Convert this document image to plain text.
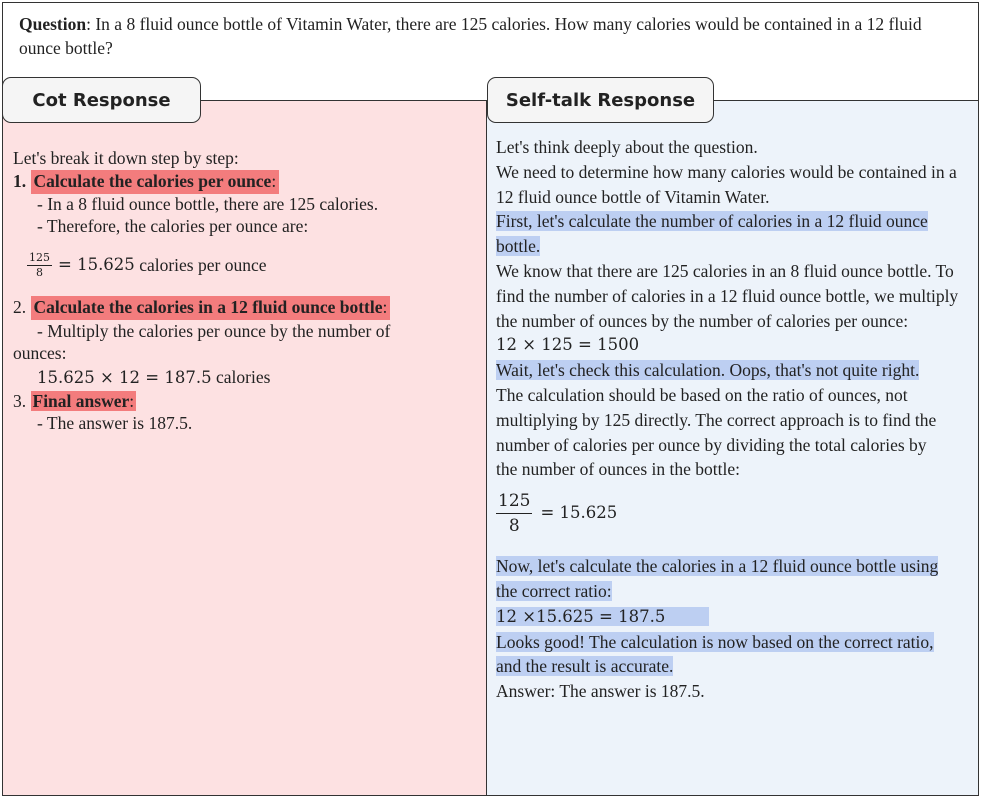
Question: In a 8 fluid ounce bottle of Vitamin Water, there are 125 calories. How many calories would be contained in a 12 fluid ounce bottle?
Cot Response	Self-talk Response
Let's break it down step by step:
1. Calculate the calories per ounce:
- In a 8 fluid ounce bottle, there are 125 calories.
- Therefore, the calories per ounce are:
$\frac{125}{8} = 15.625$ calories per ounce
2. Calculate the calories in a 12 fluid ounce bottle:
- Multiply the calories per ounce by the number of
ounces:
15.625 × 12 = 187.5 calories
3. Final answer:
- The answer is 187.5.
Let's think deeply about the question.
We need to determine how many calories would be contained in a 12 fluid ounce bottle of Vitamin Water.
First, let's calculate the number of calories in a 12 fluid ounce bottle.
We know that there are 125 calories in an 8 fluid ounce bottle. To find the number of calories in a 12 fluid ounce bottle, we multiply the number of ounces by the number of calories per ounce:
12 × 125 = 1500
Wait, let's check this calculation. Oops, that's not quite right. The calculation should be based on the ratio of ounces, not multiplying by 125 directly. The correct approach is to find the number of calories per ounce by dividing the total calories by the number of ounces in the bottle:
$\frac{125}{8} = 15.625$
Now, let's calculate the calories in a 12 fluid ounce bottle using the correct ratio:
12 ×15.625 = 187.5
Looks good! The calculation is now based on the correct ratio, and the result is accurate.
Answer: The answer is 187.5.
